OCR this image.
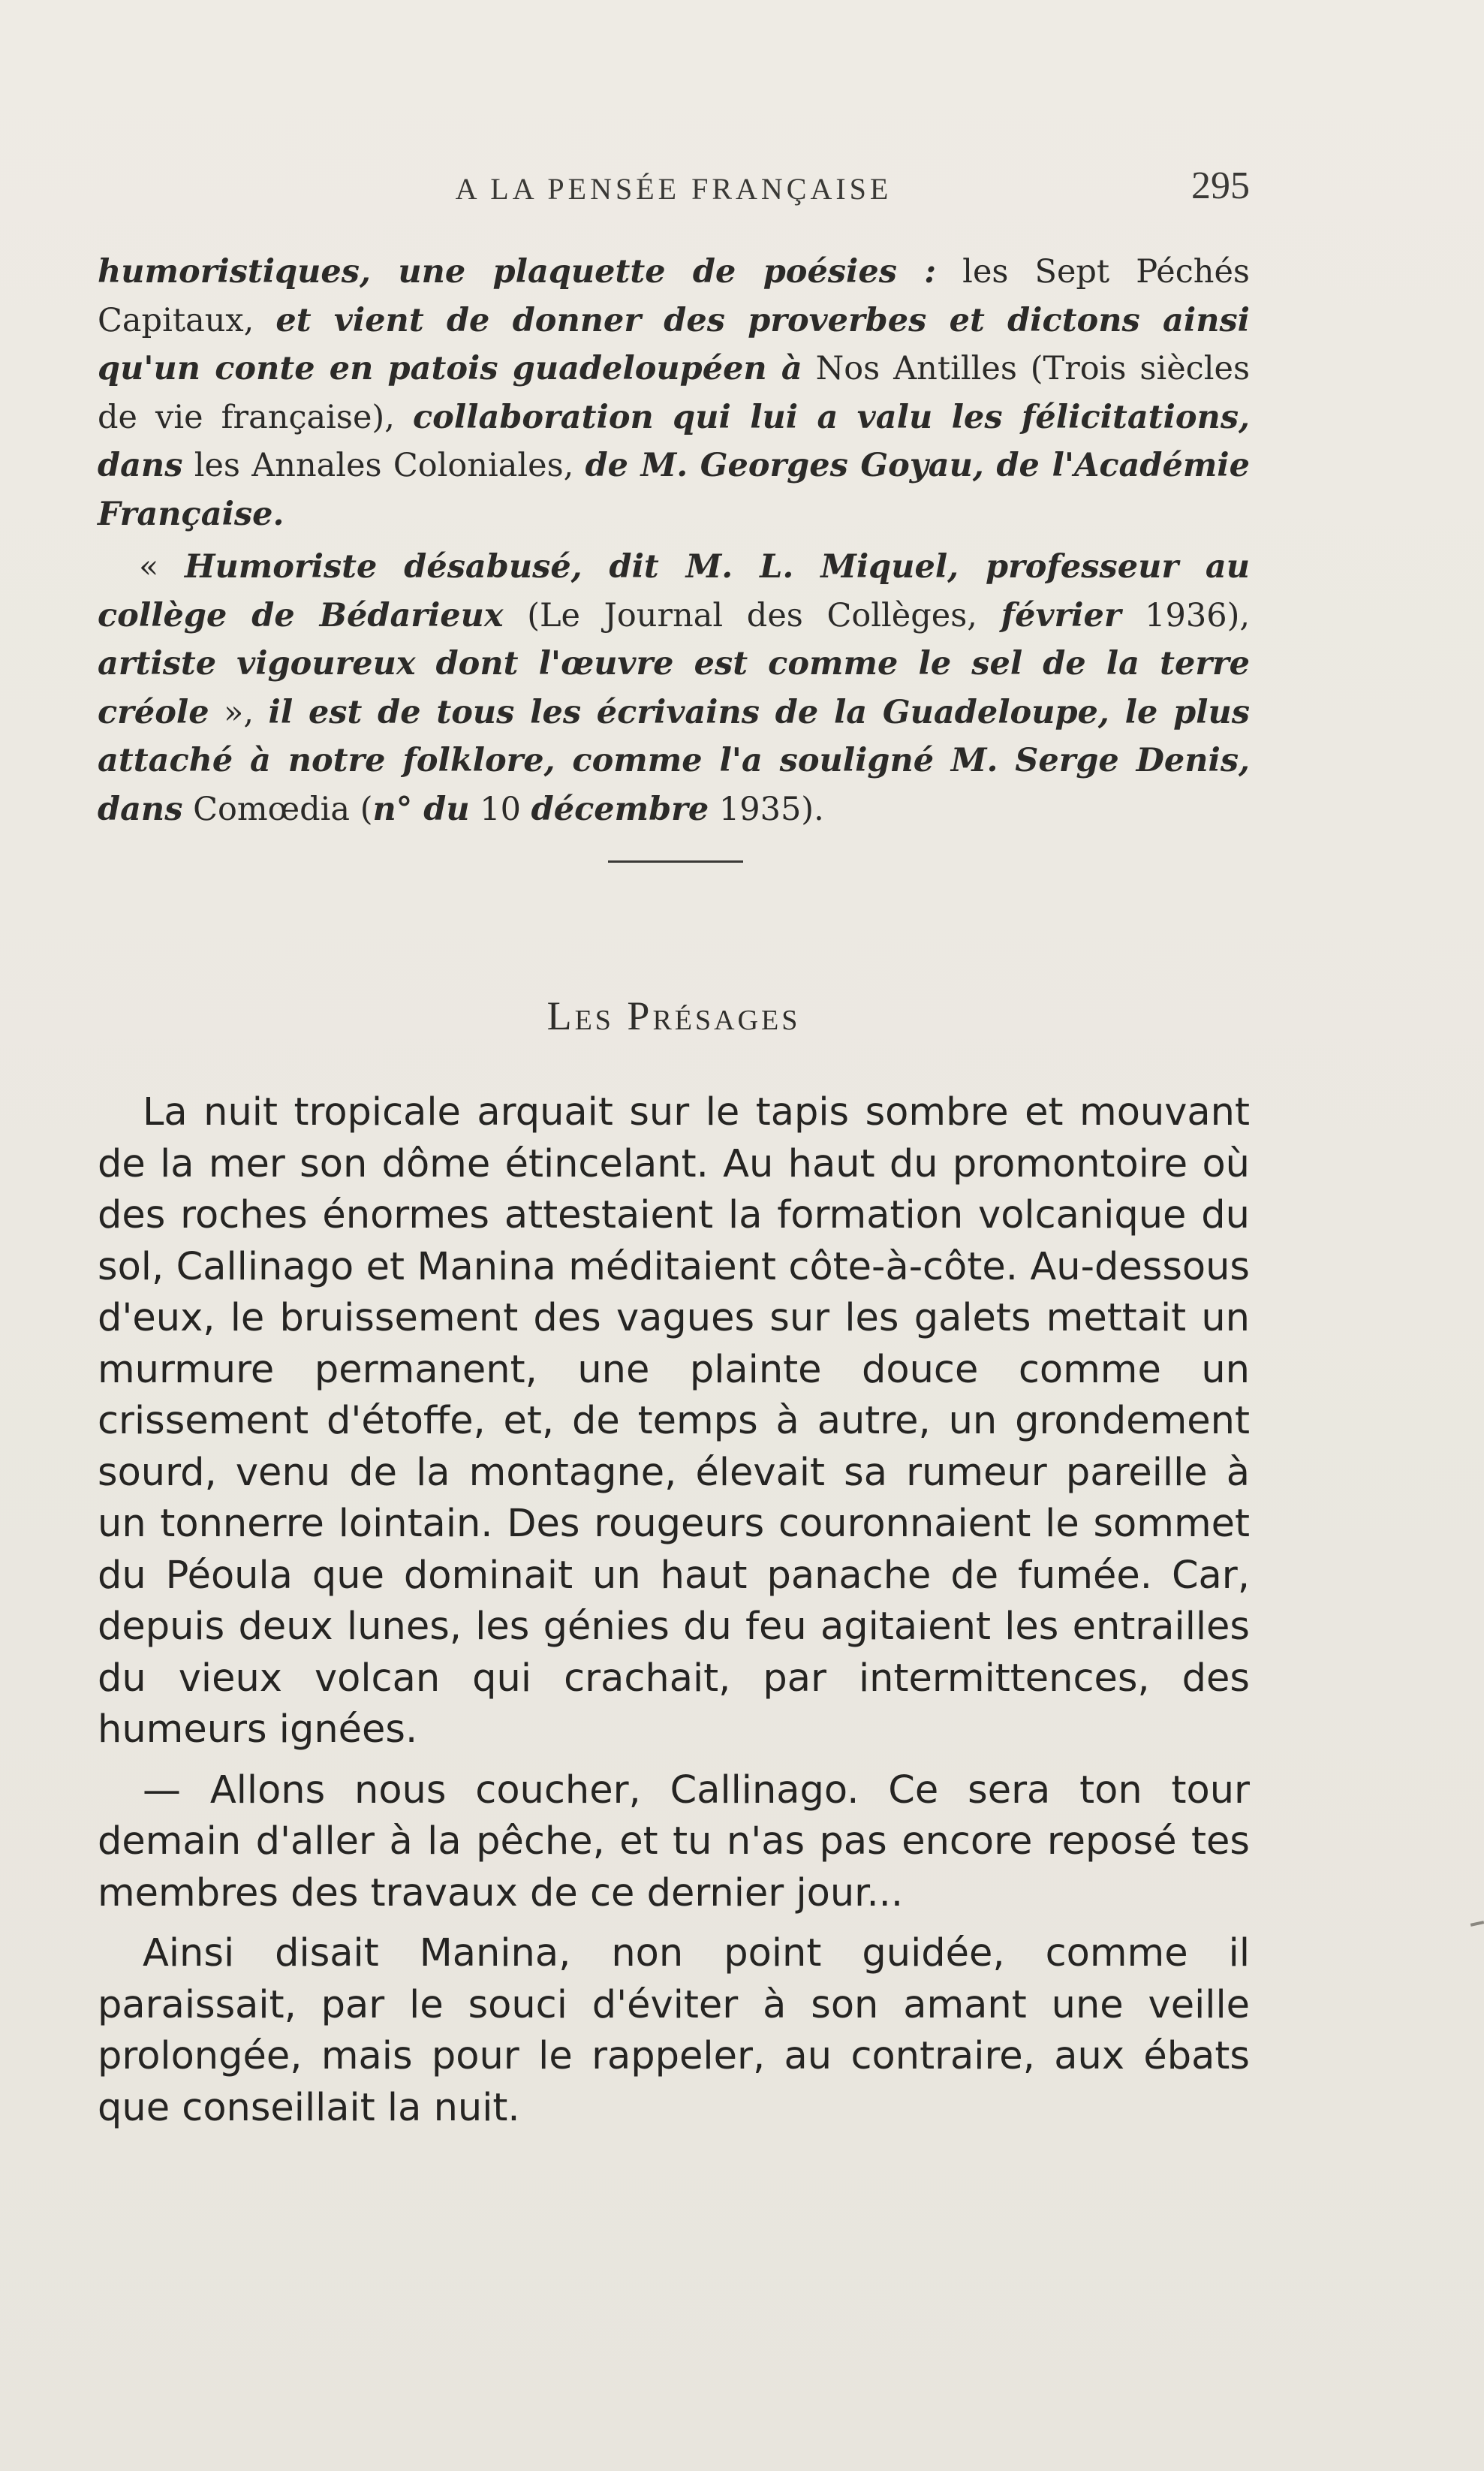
A LA PENSÉE FRANÇAISE	295

humoristiques, une plaquette de poésies : les Sept Péchés Capitaux, et vient de donner des proverbes et dictons ainsi qu'un conte en patois guadeloupéen à Nos Antilles (Trois siècles de vie française), collaboration qui lui a valu les félicitations, dans les Annales Coloniales, de M. Georges Goyau, de l'Académie Française.

« Humoriste désabusé, dit M. L. Miquel, professeur au collège de Bédarieux (Le Journal des Collèges, février 1936), artiste vigoureux dont l'œuvre est comme le sel de la terre créole », il est de tous les écrivains de la Guadeloupe, le plus attaché à notre folklore, comme l'a souligné M. Serge Denis, dans Comœdia (n° du 10 décembre 1935).

Les Présages

La nuit tropicale arquait sur le tapis sombre et mouvant de la mer son dôme étincelant. Au haut du promontoire où des roches énormes attestaient la formation volcanique du sol, Callinago et Manina méditaient côte-à-côte. Au-dessous d'eux, le bruissement des vagues sur les galets mettait un murmure permanent, une plainte douce comme un crissement d'étoffe, et, de temps à autre, un grondement sourd, venu de la montagne, élevait sa rumeur pareille à un tonnerre lointain. Des rougeurs couronnaient le sommet du Péoula que dominait un haut panache de fumée. Car, depuis deux lunes, les génies du feu agitaient les entrailles du vieux volcan qui crachait, par intermittences, des humeurs ignées.

— Allons nous coucher, Callinago. Ce sera ton tour demain d'aller à la pêche, et tu n'as pas encore reposé tes membres des travaux de ce dernier jour...

Ainsi disait Manina, non point guidée, comme il paraissait, par le souci d'éviter à son amant une veille prolongée, mais pour le rappeler, au contraire, aux ébats que conseillait la nuit.
